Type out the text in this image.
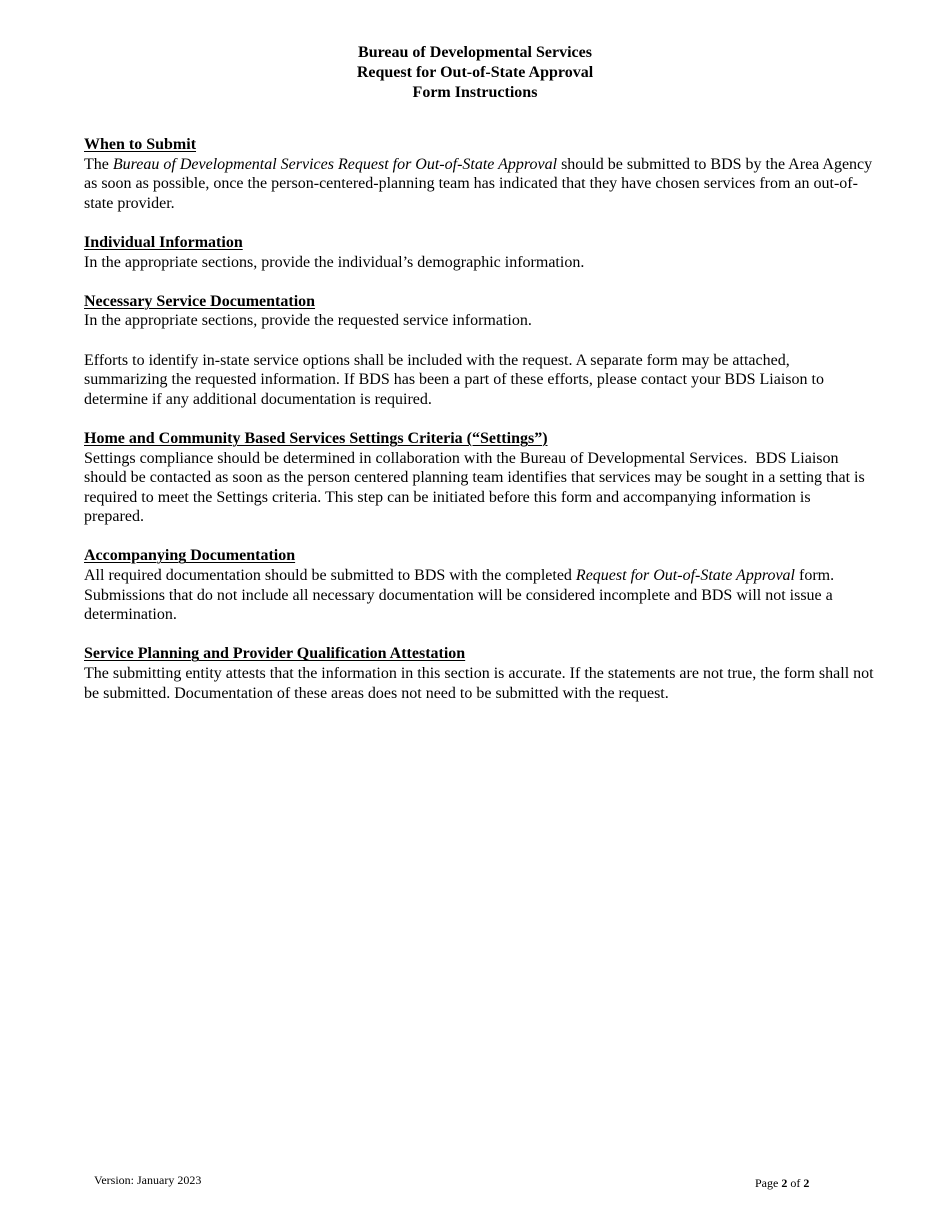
Bureau of Developmental Services
Request for Out-of-State Approval
Form Instructions
When to Submit

The Bureau of Developmental Services Request for Out-of-State Approval should be submitted to BDS by the Area Agency as soon as possible, once the person-centered-planning team has indicated that they have chosen services from an out-of-state provider.

Individual Information

In the appropriate sections, provide the individual’s demographic information.

Necessary Service Documentation

In the appropriate sections, provide the requested service information.

Efforts to identify in-state service options shall be included with the request. A separate form may be attached, summarizing the requested information. If BDS has been a part of these efforts, please contact your BDS Liaison to determine if any additional documentation is required.

Home and Community Based Services Settings Criteria (“Settings”)

Settings compliance should be determined in collaboration with the Bureau of Developmental Services.  BDS Liaison should be contacted as soon as the person centered planning team identifies that services may be sought in a setting that is required to meet the Settings criteria. This step can be initiated before this form and accompanying information is prepared.

Accompanying Documentation

All required documentation should be submitted to BDS with the completed Request for Out-of-State Approval form. Submissions that do not include all necessary documentation will be considered incomplete and BDS will not issue a determination.

Service Planning and Provider Qualification Attestation

The submitting entity attests that the information in this section is accurate. If the statements are not true, the form shall not be submitted. Documentation of these areas does not need to be submitted with the request.

Version: January 2023	Page 2 of 2
